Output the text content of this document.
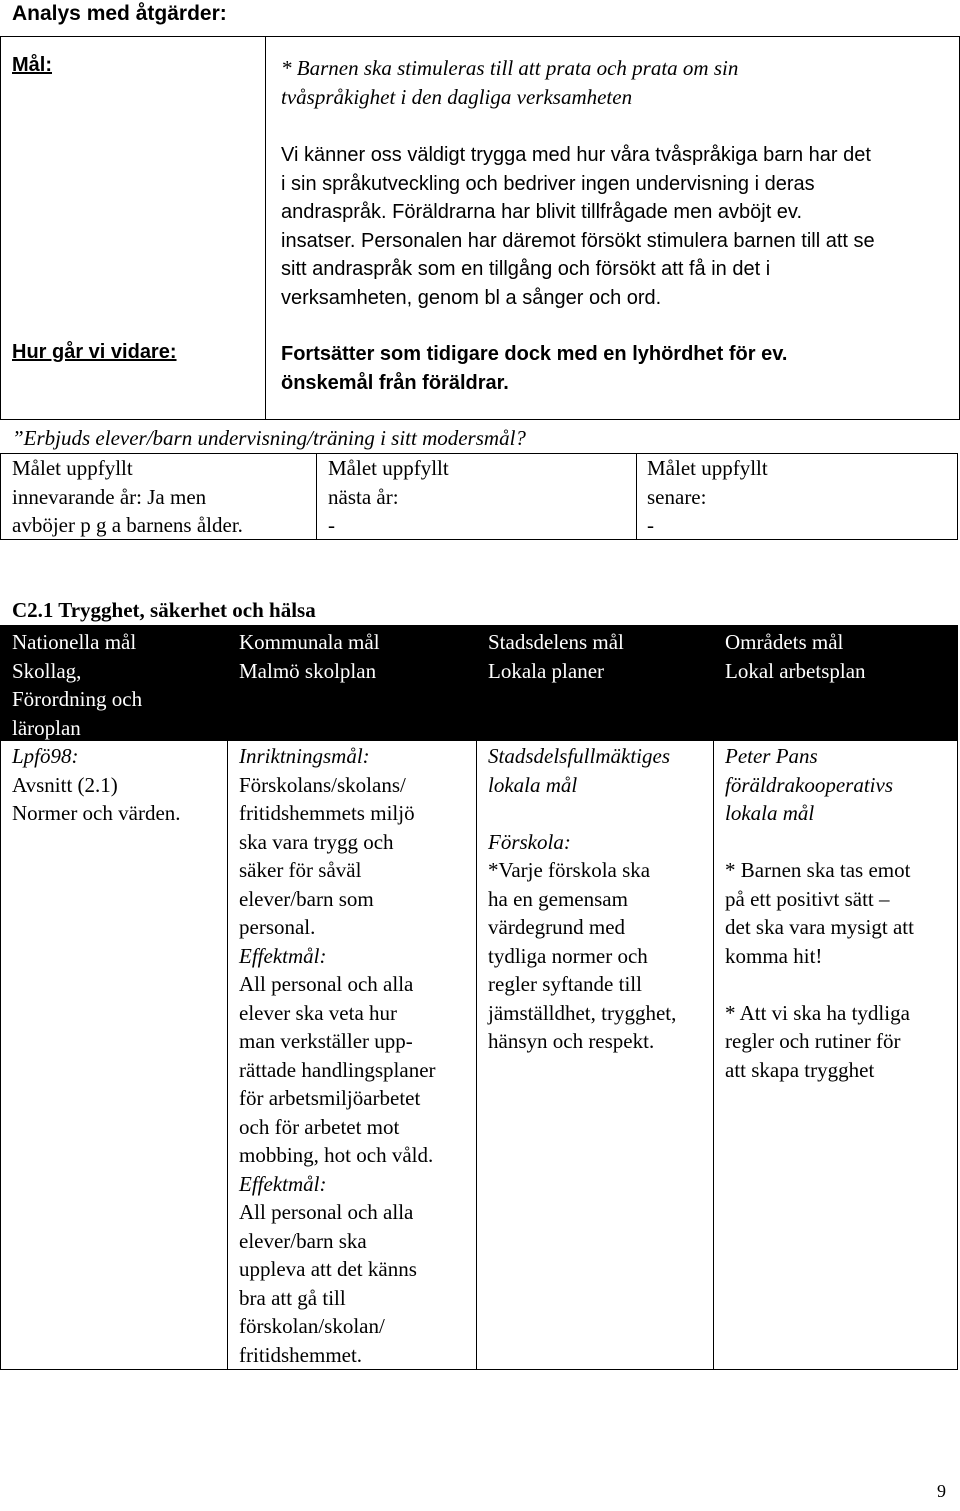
Analys med åtgärder:
Mål:	* Barnen ska stimuleras till att prata och prata om sin
tvåspråkighet i den dagliga verksamheten
Vi känner oss väldigt trygga med hur våra tvåspråkiga barn har det
i sin språkutveckling och bedriver ingen undervisning i deras
andraspråk. Föräldrarna har blivit tillfrågade men avböjt ev.
insatser. Personalen har däremot försökt stimulera barnen till att se
sitt andraspråk som en tillgång och försökt att få in det i
verksamheten, genom bl a sånger och ord.
Hur går vi vidare:	Fortsätter som tidigare dock med en lyhördhet för ev.
önskemål från föräldrar.
”Erbjuds elever/barn undervisning/träning i sitt modersmål?
Målet uppfyllt
innevarande år: Ja men
avböjer p g a barnens ålder.
Målet uppfyllt
nästa år:
-
Målet uppfyllt
senare:
-
C2.1 Trygghet, säkerhet och hälsa
Nationella mål
Skollag,
Förordning och
läroplan
Kommunala mål
Malmö skolplan
Stadsdelens mål
Lokala planer
Områdets mål
Lokal arbetsplan
Lpfö98:
Avsnitt (2.1)
Normer och värden.
Inriktningsmål:
Förskolans/skolans/
fritidshemmets miljö
ska vara trygg och
säker för såväl
elever/barn som
personal.
Effektmål:
All personal och alla
elever ska veta hur
man verkställer upp-
rättade handlingsplaner
för arbetsmiljöarbetet
och för arbetet mot
mobbing, hot och våld.
Effektmål:
All personal och alla
elever/barn ska
uppleva att det känns
bra att gå till
förskolan/skolan/
fritidshemmet.
Stadsdelsfullmäktiges
lokala mål
Förskola:
*Varje förskola ska
ha en gemensam
värdegrund med
tydliga normer och
regler syftande till
jämställdhet, trygghet,
hänsyn och respekt.
Peter Pans
föräldrakooperativs
lokala mål
* Barnen ska tas emot
på ett positivt sätt –
det ska vara mysigt att
komma hit!
* Att vi ska ha tydliga
regler och rutiner för
att skapa trygghet
9
